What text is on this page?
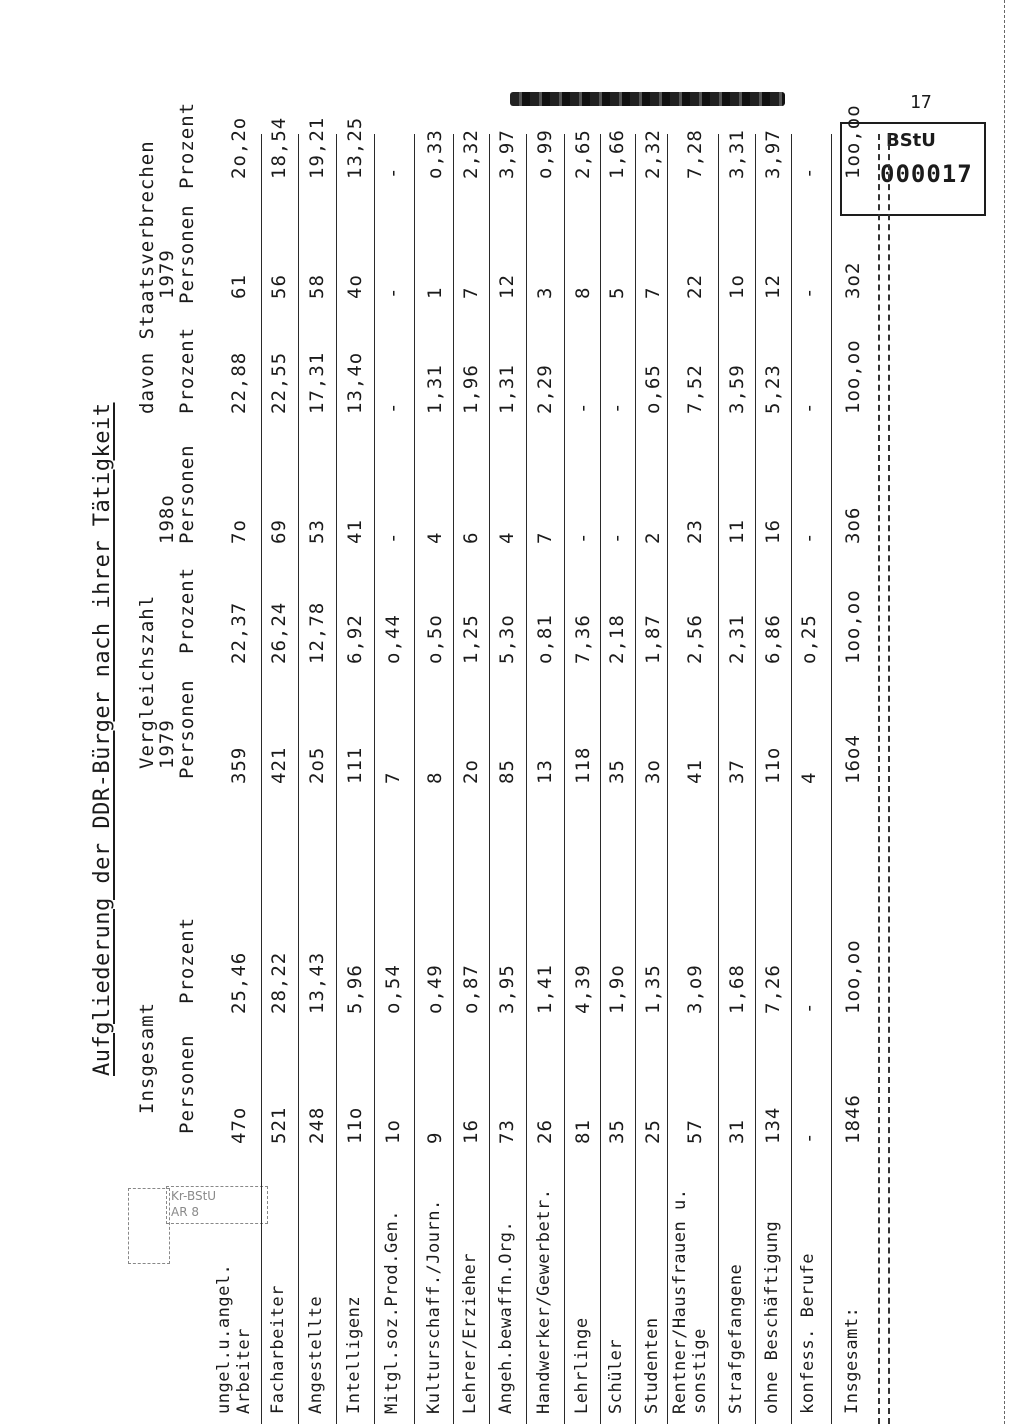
17
BStU
000017
Kr-BStU
AR 8
Aufgliederung der DDR-Bürger nach ihrer Tätigkeit Insgesamt Personen
Prozent
Vergleichszahl
1979
Personen
Prozent
davon Staatsverbrechen
198o
1979
Personen
Prozent
Personen
Prozent
ungel.u.angel. Arbeiter
47o
25,46
359
22,37
7o
22,88
61
2o,2o
Facharbeiter
521
28,22
421
26,24
69
22,55
56
18,54
Angestellte
248
13,43
2o5
12,78
53
17,31
58
19,21
Intelligenz
11o
5,96
111
6,92
41
13,4o
4o
13,25
Mitgl.soz.Prod.Gen.
1o
o,54
7
o,44
-
-
-
-
Kulturschaff./Journ.
9
o,49
8
o,5o
4
1,31
1
o,33
Lehrer/Erzieher
16
o,87
2o
1,25
6
1,96
7
2,32
Angeh.bewaffn.Org.
73
3,95
85
5,3o
4
1,31
12
3,97
Handwerker/Gewerbetr.
26
1,41
13
o,81
7
2,29
3
o,99
Lehrlinge
81
4,39
118
7,36
-
-
8
2,65
Schüler
35
1,9o
35
2,18
-
-
5
1,66
Studenten
25
1,35
3o
1,87
2
o,65
7
2,32
Rentner/Hausfrauen u. sonstige
57
3,o9
41
2,56
23
7,52
22
7,28
Strafgefangene
31
1,68
37
2,31
11
3,59
1o
3,31
ohne Beschäftigung
134
7,26
11o
6,86
16
5,23
12
3,97
konfess. Berufe
-
-
4
o,25
-
-
-
-
Insgesamt:
1846
1oo,oo
16o4
1oo,oo
3o6
1oo,oo
3o2
1oo,oo
